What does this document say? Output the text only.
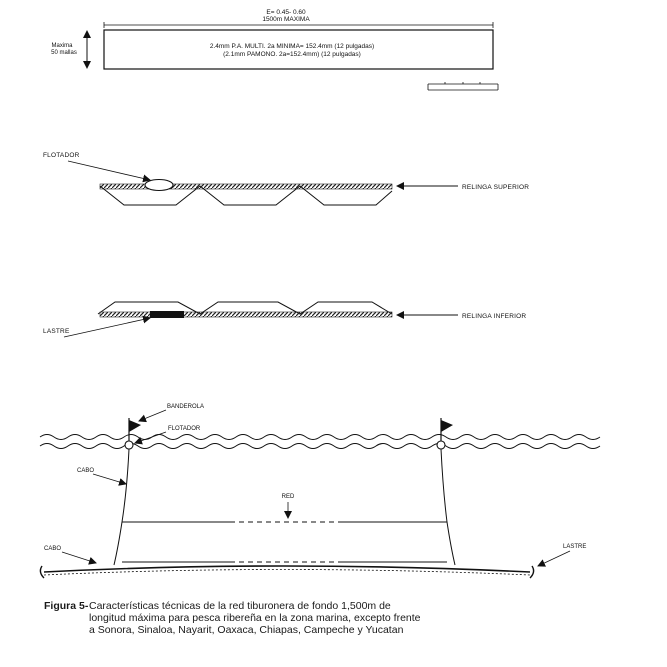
E= 0.45- 0.60
1500m MAXIMA
Maxima
50 mallas
2.4mm P.A. MULTI. 2a MINIMA= 152.4mm (12 pulgadas)
(2.1mm PAMONO. 2a=152.4mm) (12 pulgadas)
FLOTADOR
RELINGA SUPERIOR
RELINGA INFERIOR
LASTRE
BANDEROLA
FLOTADOR
CABO
RED
CABO	LASTRE
Figura 5- Características técnicas de la red tiburonera de fondo 1,500m de
longitud máxima para pesca ribereña en la zona marina, excepto frente
a Sonora, Sinaloa, Nayarit, Oaxaca, Chiapas, Campeche y Yucatan
